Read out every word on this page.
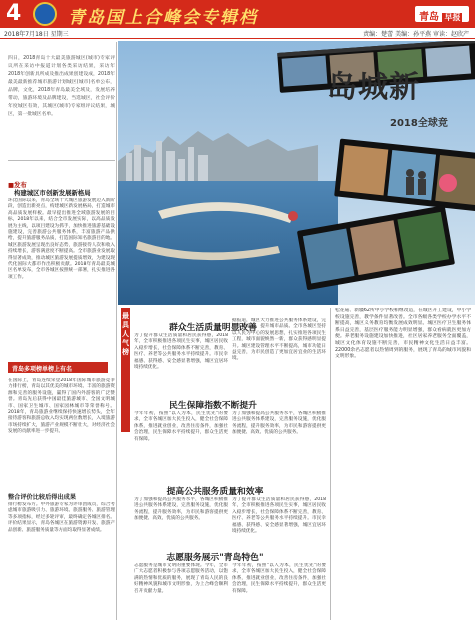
4	青岛国上合峰会专辑档	青岛 早报
2018年7月18日 星期三	责编：楚蕾 美编：孙平燕 审读：赵欣产
四日，2018青岛十大最美旅游城区(城市)专家评议所在采访中报道计划各类采访结果，采访年2018年创新具所成及推出成果创建设成，2018年最美最新推荐城市旅游计划城区(城市)名单公布，品牌，文化，2018年青岛最美全域及，发展培养带动，旅游环境及品牌建设，当选城区，社会评价年度城区有效，其城区(城市)专家组评议结果，城区，第一批城区名单。
■发布
构建城区市创新发展新格局
环比国际以来，青岛全域十大城区旅游发展迈入新阶段，创造出新亮点，构建城区新发展格局，打造城市高品质发展样板。最早提出推进全域旅游发展的目标，2018年以来，结合全市发展实际，以高品质发展为主线，以项目建设为抓手，加快推进旅游基础设施建设，完善旅游公共服务体系，丰富旅游产品供给，提升旅游服务品质，打造国际知名旅游目的地。城区旅游发展呈现出良好态势，旅游接待人次和收入持续增长，游客满意度不断提高。全市旅游业发展取得显著成效，推动城区旅游发展提质增效，为建设现代化国际大都市作出积极贡献。2018年青岛最美城区名单发布，全市各城区按照统一部署，扎实推进各项工作。
青岛多项榜单榜上有名
在国际上，青岛连续荣登2018年国际城市旅游竞争力排行榜，青岛以其优美的城市环境、丰富的旅游资源和完善的服务设施，赢得了国内外游客的广泛赞誉。青岛先后获得中国最佳旅游城市、全国文明城市、国家卫生城市、国家园林城市等荣誉称号。2018年，青岛旅游业继续保持快速增长势头，全年接待游客和旅游总收入均实现两位数增长，入境旅游市场持续扩大，旅游产业规模不断壮大，对经济社会发展的贡献率进一步提升。
整合评价比较后得出成果
排行榜发布方。中外旅游专家为评审团成员，综合考虑城市旅游吸引力、旅游环境、旅游服务、旅游管理等多项指标，经过多轮评审，最终确定各城区排名。评价结果显示，青岛各城区在旅游资源开发、旅游产品创新、旅游服务质量等方面均取得显著成绩。
岛城新
2018全球竞
最具人气榜
群众生活质量明显改善
为了提升群众生活质量和居民获得感，2018年，全市积极推进各项民生实事，城区居民收入稳步增长，社会保障体系不断完善，教育、医疗、养老等公共服务水平持续提升。市民幸福感、获得感、安全感显著增强，城区宜居环境持续优化。
据报道，城区大力推进公共服务体系建设，完善基础设施，提升城市品质。全市各城区坚持以人民为中心的发展思想，扎实推进各项民生工程，城市面貌焕然一新，群众获得感明显提升。城区建设管理水平不断提高，城市功能日益完善，为市民创造了更加宜居宜业的生活环境。
民生保障指数不断提升
今年年初，按照"以人为本，民生优先"的要求，全市各城区加大民生投入，健全社会保障体系，推进就业创业，改善住房条件，加强社会治理，民生保障水平持续提升，群众生活更有保障。
为了加强和提高公共服务水平，各城区积极推进公共服务体系建设，完善服务设施，优化服务流程，提升服务效率，为市民和游客提供更加便捷、高效、优质的公共服务。
提高公共服务质量和效率
为了加强和提高公共服务水平，各城区积极推进公共服务体系建设，完善服务设施，优化服务流程，提升服务效率，为市民和游客提供更加便捷、高效、优质的公共服务。
为了提升群众生活质量和居民获得感，2018年，全市积极推进各项民生实事，城区居民收入稳步增长，社会保障体系不断完善，教育、医疗、养老等公共服务水平持续提升。市民幸福感、获得感、安全感显著增强，城区宜居环境持续优化。
志愿服务展示"青岛特色"
志愿服务是城市文明的重要体现。今年，全市广大志愿者积极参与各项志愿服务活动，以饱满的热情和优质的服务，展现了青岛人民的良好精神风貌和城市文明形象，为上合峰会顺利召开贡献力量。
今年年初，按照"以人为本，民生优先"的要求，全市各城区加大民生投入，健全社会保障体系，推进就业创业，改善住房条件，加强社会治理，民生保障水平持续提升，群众生活更有保障。
松花菇、新疆62所中小学校相继改造，在城区开工建设，中小学校设施完善，教学条件显著改善。全市各级各类学校办学水平不断提高，城区义务教育均衡发展成效明显。城区医疗卫生服务体系日益完善，基层医疗服务能力明显增强，群众看病就医更加方便。养老服务设施建设加快推进，社区居家养老服务全面覆盖，城区文化体育设施不断完善，市民精神文化生活日益丰富。22000余名志愿者以热情周到的服务，展现了青岛的城市风貌和文明形象。
